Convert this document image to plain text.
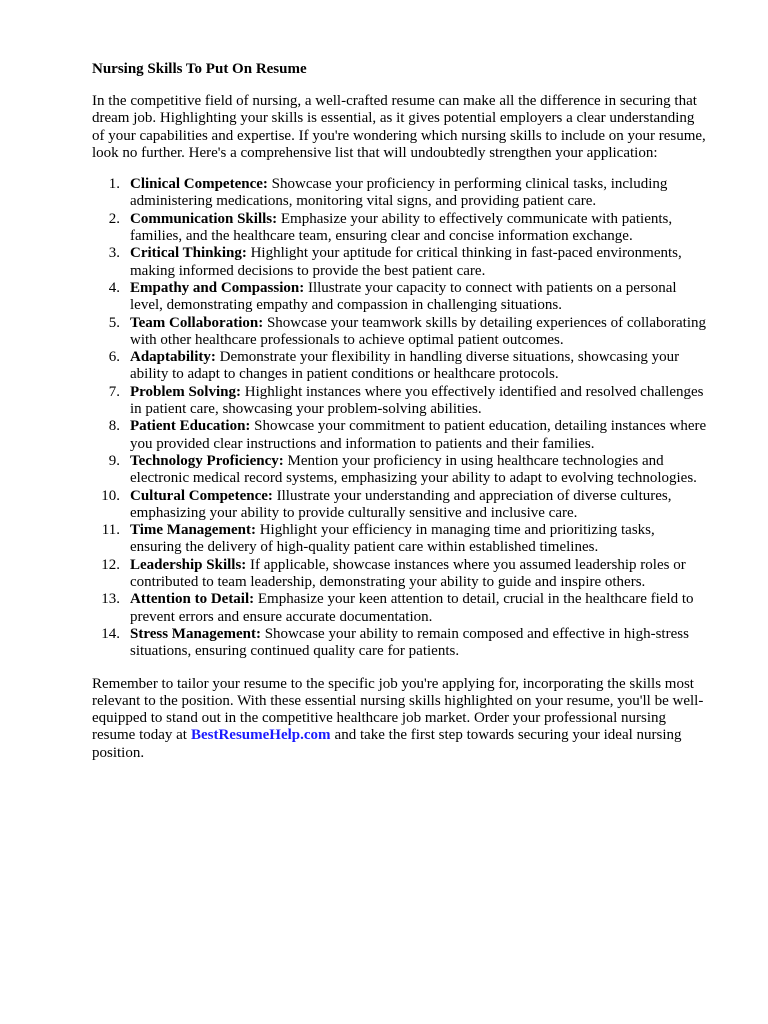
Nursing Skills To Put On Resume

In the competitive field of nursing, a well-crafted resume can make all the difference in securing that dream job. Highlighting your skills is essential, as it gives potential employers a clear understanding of your capabilities and expertise. If you're wondering which nursing skills to include on your resume, look no further. Here's a comprehensive list that will undoubtedly strengthen your application:

1. Clinical Competence: Showcase your proficiency in performing clinical tasks, including administering medications, monitoring vital signs, and providing patient care.
2. Communication Skills: Emphasize your ability to effectively communicate with patients, families, and the healthcare team, ensuring clear and concise information exchange.
3. Critical Thinking: Highlight your aptitude for critical thinking in fast-paced environments, making informed decisions to provide the best patient care.
4. Empathy and Compassion: Illustrate your capacity to connect with patients on a personal level, demonstrating empathy and compassion in challenging situations.
5. Team Collaboration: Showcase your teamwork skills by detailing experiences of collaborating with other healthcare professionals to achieve optimal patient outcomes.
6. Adaptability: Demonstrate your flexibility in handling diverse situations, showcasing your ability to adapt to changes in patient conditions or healthcare protocols.
7. Problem Solving: Highlight instances where you effectively identified and resolved challenges in patient care, showcasing your problem-solving abilities.
8. Patient Education: Showcase your commitment to patient education, detailing instances where you provided clear instructions and information to patients and their families.
9. Technology Proficiency: Mention your proficiency in using healthcare technologies and electronic medical record systems, emphasizing your ability to adapt to evolving technologies.
10. Cultural Competence: Illustrate your understanding and appreciation of diverse cultures, emphasizing your ability to provide culturally sensitive and inclusive care.
11. Time Management: Highlight your efficiency in managing time and prioritizing tasks, ensuring the delivery of high-quality patient care within established timelines.
12. Leadership Skills: If applicable, showcase instances where you assumed leadership roles or contributed to team leadership, demonstrating your ability to guide and inspire others.
13. Attention to Detail: Emphasize your keen attention to detail, crucial in the healthcare field to prevent errors and ensure accurate documentation.
14. Stress Management: Showcase your ability to remain composed and effective in high-stress situations, ensuring continued quality care for patients.

Remember to tailor your resume to the specific job you're applying for, incorporating the skills most relevant to the position. With these essential nursing skills highlighted on your resume, you'll be well-equipped to stand out in the competitive healthcare job market. Order your professional nursing resume today at BestResumeHelp.com and take the first step towards securing your ideal nursing position.
